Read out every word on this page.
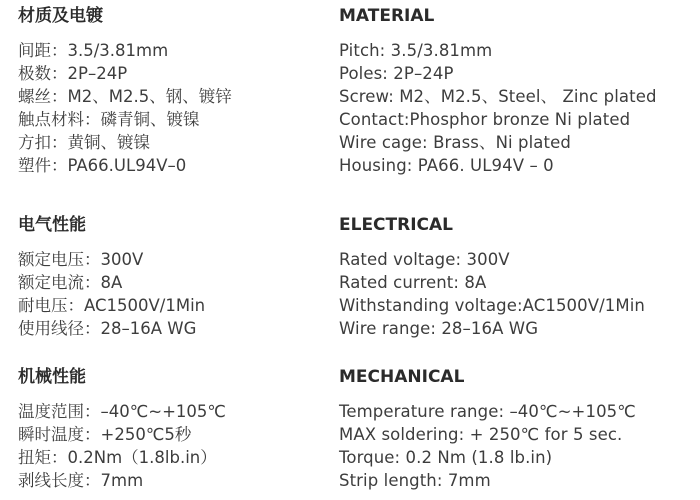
材质及电镀
间距：3.5/3.81mm
极数：2P–24P
螺丝：M2、M2.5、钢、镀锌
触点材料：磷青铜、镀镍
方扣：黄铜、镀镍
塑件：PA66.UL94V–0
电气性能
额定电压：300V
额定电流：8A
耐电压：AC1500V/1Min
使用线径：28–16A WG
机械性能
温度范围：–40℃~+105℃
瞬时温度：+250℃5秒
扭矩：0.2Nm（1.8lb.in）
剥线长度：7mm
MATERIAL
Pitch: 3.5/3.81mm
Poles: 2P–24P
Screw: M2、M2.5、Steel、 Zinc plated
Contact:Phosphor bronze Ni plated
Wire cage: Brass、Ni plated
Housing: PA66. UL94V – 0
ELECTRICAL
Rated voltage: 300V
Rated current: 8A
Withstanding voltage:AC1500V/1Min
Wire range: 28–16A WG
MECHANICAL
Temperature range: –40℃~+105℃
MAX soldering: + 250℃ for 5 sec.
Torque: 0.2 Nm (1.8 lb.in)
Strip length: 7mm
